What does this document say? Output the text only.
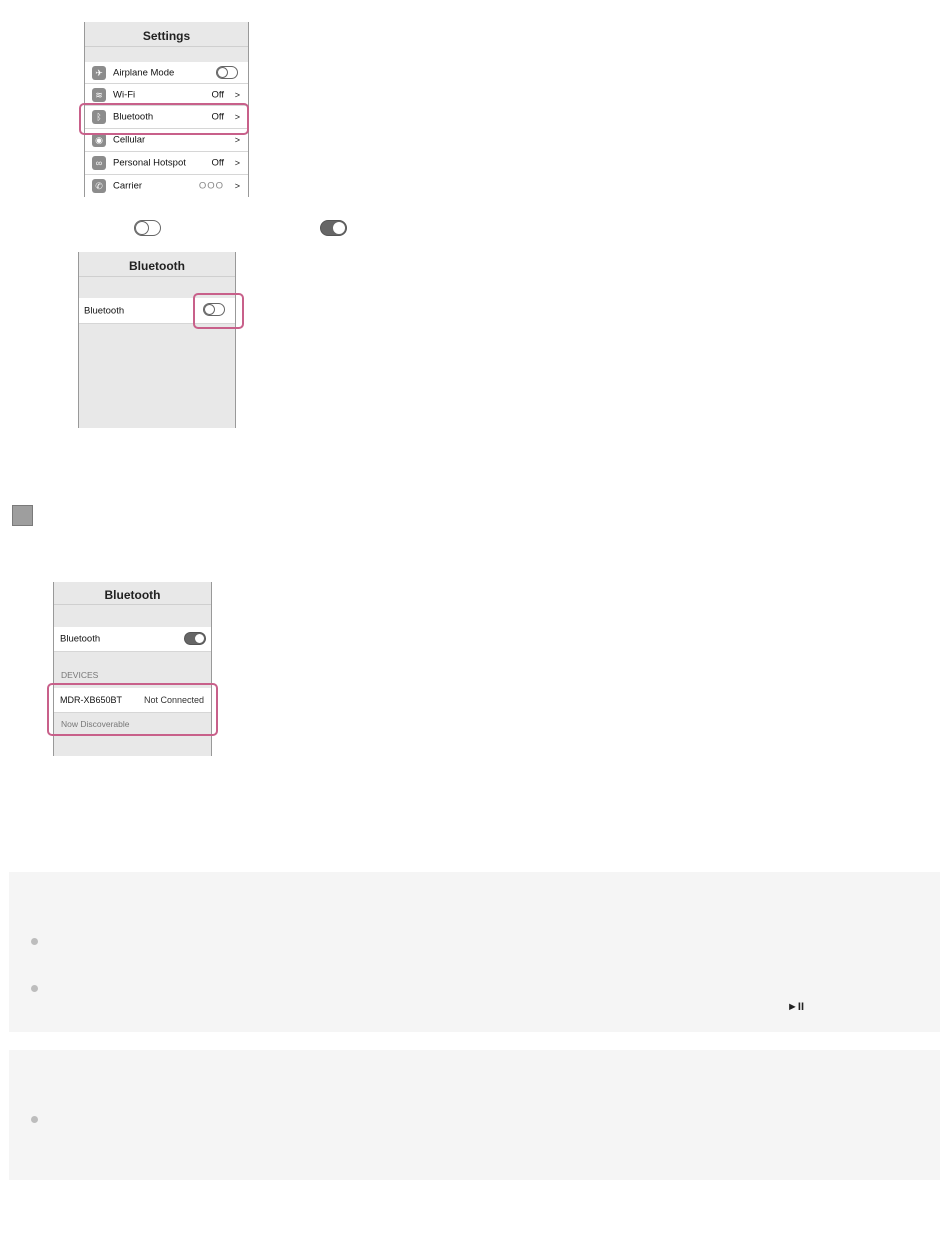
Settings
✈	Airplane Mode
≋	Wi-Fi	Off >
ᛒ	Bluetooth	Off >
◉	Cellular	>
∞	Personal Hotspot	Off >
✆	Carrier	OOO >
Bluetooth
Bluetooth
Bluetooth
Bluetooth
DEVICES
MDR-XB650BT Not Connected
Now Discoverable
►II
